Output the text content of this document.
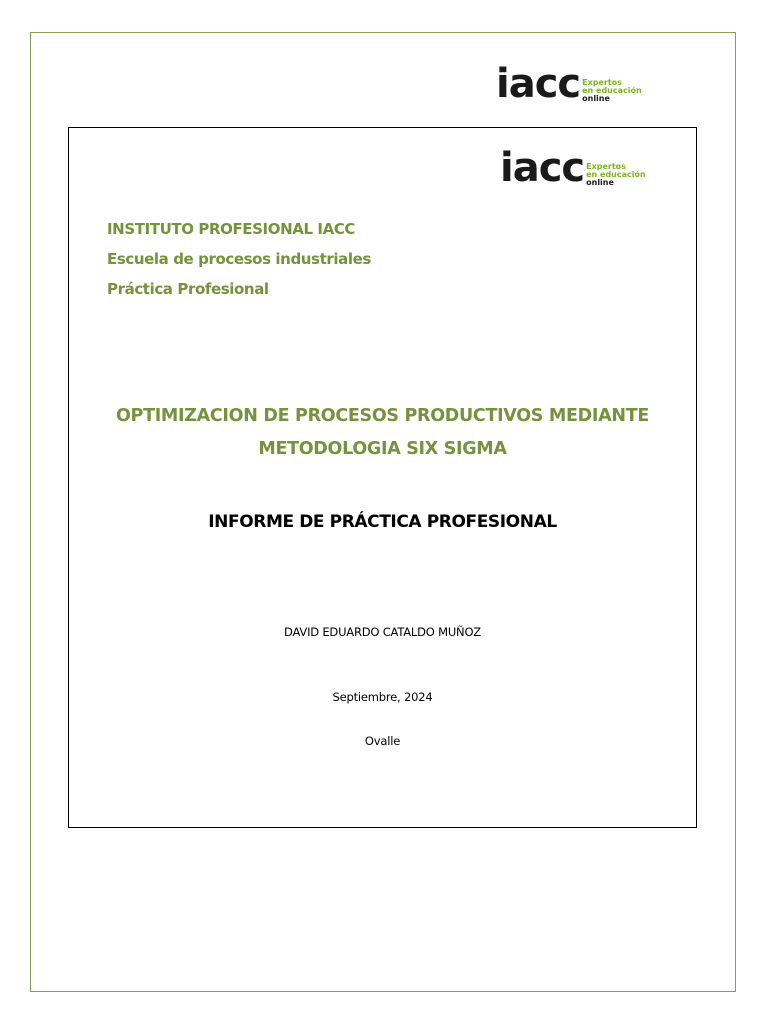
iacc Expertos
en educación
online
iacc Expertos
en educación
online
INSTITUTO PROFESIONAL IACC
Escuela de procesos industriales
Práctica Profesional
OPTIMIZACION DE PROCESOS PRODUCTIVOS MEDIANTE
METODOLOGIA SIX SIGMA
INFORME DE PRÁCTICA PROFESIONAL
DAVID EDUARDO CATALDO MUÑOZ
Septiembre, 2024
Ovalle
